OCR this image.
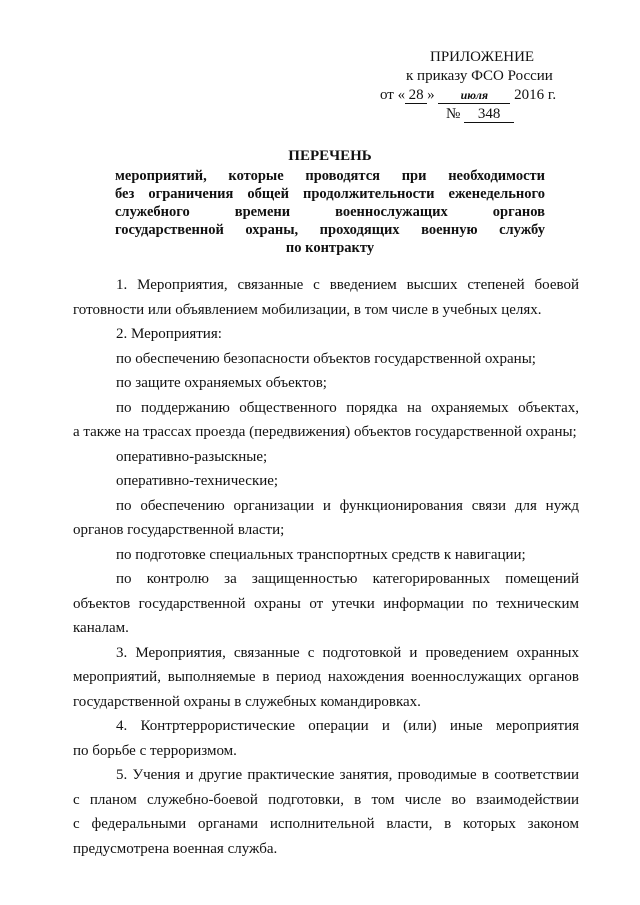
ПРИЛОЖЕНИЕ
к приказу ФСО России
от « 28 » июля 2016 г.
№ 348
ПЕРЕЧЕНЬ
мероприятий, которые проводятся при необходимости
без ограничения общей продолжительности еженедельного
служебного времени военнослужащих органов
государственной охраны, проходящих военную службу
по контракту
1. Мероприятия, связанные с введением высших степеней боевой
готовности или объявлением мобилизации, в том числе в учебных целях.
2. Мероприятия:
по обеспечению безопасности объектов государственной охраны;
по защите охраняемых объектов;
по поддержанию общественного порядка на охраняемых объектах,
а также на трассах проезда (передвижения) объектов государственной охраны;
оперативно-разыскные;
оперативно-технические;
по обеспечению организации и функционирования связи для нужд
органов государственной власти;
по подготовке специальных транспортных средств к навигации;
по контролю за защищенностью категорированных помещений
объектов государственной охраны от утечки информации по техническим
каналам.
3. Мероприятия, связанные с подготовкой и проведением охранных
мероприятий, выполняемые в период нахождения военнослужащих органов
государственной охраны в служебных командировках.
4. Контртеррористические операции и (или) иные мероприятия
по борьбе с терроризмом.
5. Учения и другие практические занятия, проводимые в соответствии
с планом служебно-боевой подготовки, в том числе во взаимодействии
с федеральными органами исполнительной власти, в которых законом
предусмотрена военная служба.
